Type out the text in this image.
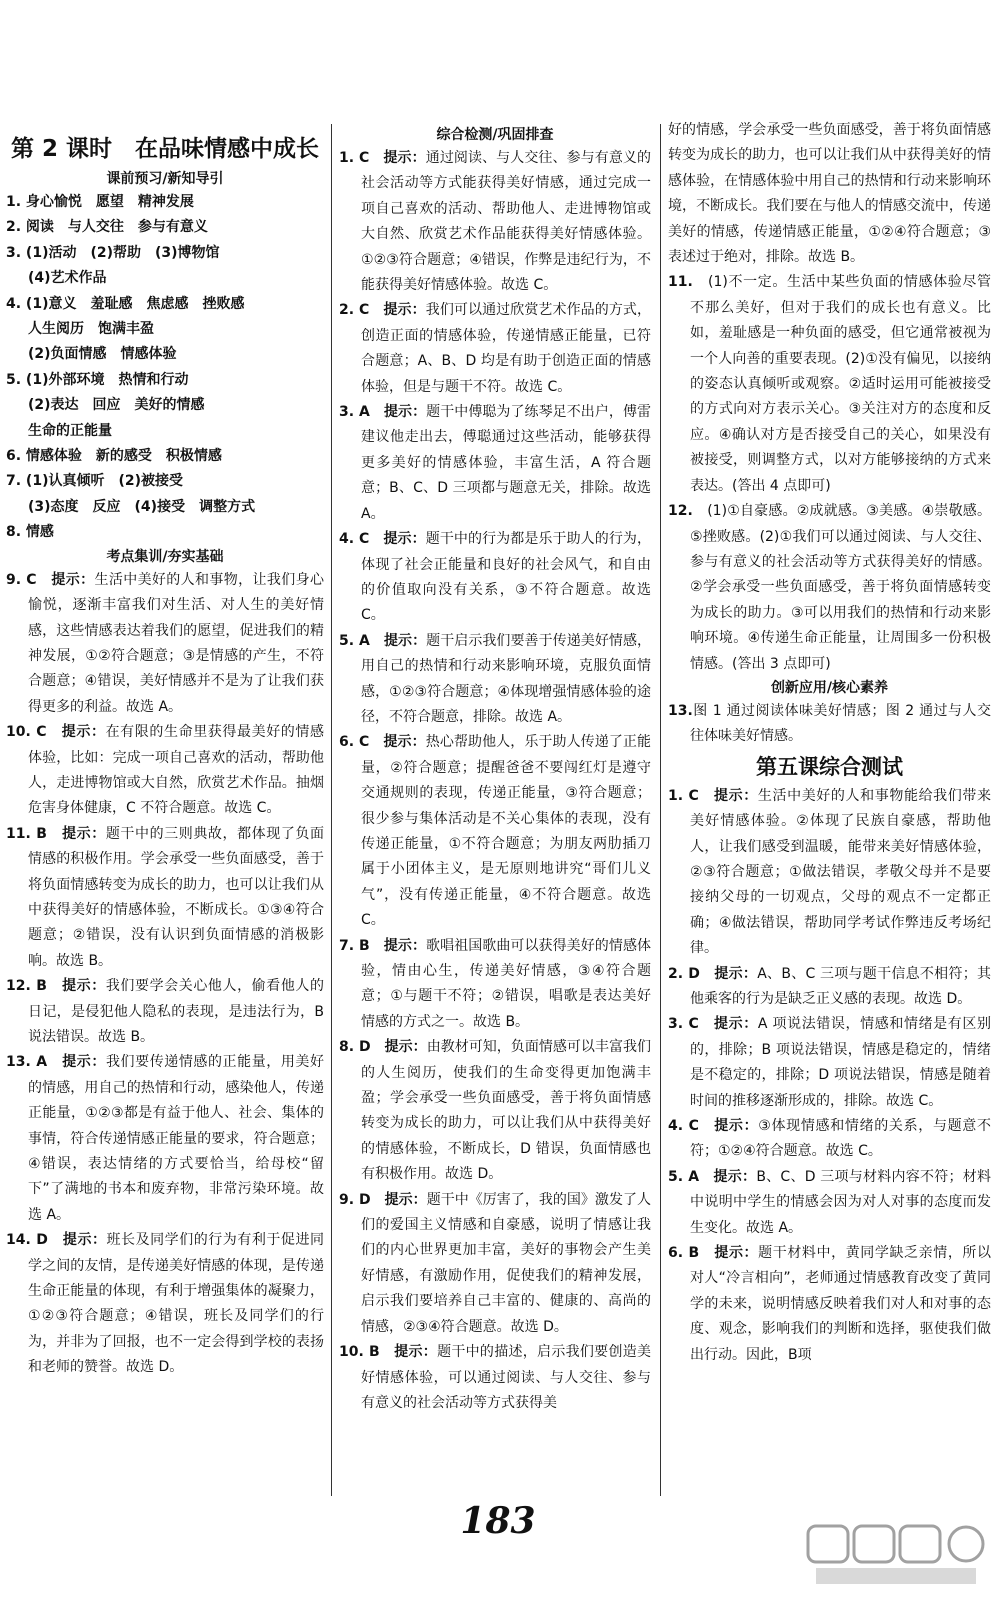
第 2 课时　在品味情感中成长
课前预习/新知导引

1. 身心愉悦　愿望　精神发展

2. 阅读　与人交往　参与有意义

3. (1)活动　(2)帮助　(3)博物馆

(4)艺术作品

4. (1)意义　羞耻感　焦虑感　挫败感

人生阅历　饱满丰盈

(2)负面情感　情感体验

5. (1)外部环境　热情和行动

(2)表达　回应　美好的情感

生命的正能量

6. 情感体验　新的感受　积极情感

7. (1)认真倾听　(2)被接受

(3)态度　反应　(4)接受　调整方式

8. 情感

考点集训/夯实基础

9. C　提示：生活中美好的人和事物，让我们身心愉悦，逐渐丰富我们对生活、对人生的美好情感，这些情感表达着我们的愿望，促进我们的精神发展，①②符合题意；③是情感的产生，不符合题意；④错误，美好情感并不是为了让我们获得更多的利益。故选 A。

10. C　提示：在有限的生命里获得最美好的情感体验，比如：完成一项自己喜欢的活动，帮助他人，走进博物馆或大自然，欣赏艺术作品。抽烟危害身体健康，C 不符合题意。故选 C。

11. B　提示：题干中的三则典故，都体现了负面情感的积极作用。学会承受一些负面感受，善于将负面情感转变为成长的助力，也可以让我们从中获得美好的情感体验，不断成长。①③④符合题意；②错误，没有认识到负面情感的消极影响。故选 B。

12. B　提示：我们要学会关心他人，偷看他人的日记，是侵犯他人隐私的表现，是违法行为，B 说法错误。故选 B。

13. A　提示：我们要传递情感的正能量，用美好的情感，用自己的热情和行动，感染他人，传递正能量，①②③都是有益于他人、社会、集体的事情，符合传递情感正能量的要求，符合题意；④错误，表达情绪的方式要恰当，给母校“留下”了满地的书本和废弃物，非常污染环境。故选 A。

14. D　提示：班长及同学们的行为有利于促进同学之间的友情，是传递美好情感的体现，是传递生命正能量的体现，有利于增强集体的凝聚力，①②③符合题意；④错误，班长及同学们的行为，并非为了回报，也不一定会得到学校的表扬和老师的赞誉。故选 D。

综合检测/巩固排查

1. C　提示：通过阅读、与人交往、参与有意义的社会活动等方式能获得美好情感，通过完成一项自己喜欢的活动、帮助他人、走进博物馆或大自然、欣赏艺术作品能获得美好情感体验。①②③符合题意；④错误，作弊是违纪行为，不能获得美好情感体验。故选 C。

2. C　提示：我们可以通过欣赏艺术作品的方式，创造正面的情感体验，传递情感正能量，已符合题意；A、B、D 均是有助于创造正面的情感体验，但是与题干不符。故选 C。

3. A　提示：题干中傅聪为了练琴足不出户，傅雷建议他走出去，傅聪通过这些活动，能够获得更多美好的情感体验，丰富生活，A 符合题意；B、C、D 三项都与题意无关，排除。故选 A。

4. C　提示：题干中的行为都是乐于助人的行为，体现了社会正能量和良好的社会风气，和自由的价值取向没有关系，③不符合题意。故选 C。

5. A　提示：题干启示我们要善于传递美好情感，用自己的热情和行动来影响环境，克服负面情感，①②③符合题意；④体现增强情感体验的途径，不符合题意，排除。故选 A。

6. C　提示：热心帮助他人，乐于助人传递了正能量，②符合题意；提醒爸爸不要闯红灯是遵守交通规则的表现，传递正能量，③符合题意；很少参与集体活动是不关心集体的表现，没有传递正能量，①不符合题意；为朋友两肋插刀属于小团体主义，是无原则地讲究“哥们儿义气”，没有传递正能量，④不符合题意。故选 C。

7. B　提示：歌唱祖国歌曲可以获得美好的情感体验，情由心生，传递美好情感，③④符合题意；①与题干不符；②错误，唱歌是表达美好情感的方式之一。故选 B。

8. D　提示：由教材可知，负面情感可以丰富我们的人生阅历，使我们的生命变得更加饱满丰盈；学会承受一些负面感受，善于将负面情感转变为成长的助力，可以让我们从中获得美好的情感体验，不断成长，D 错误，负面情感也有积极作用。故选 D。

9. D　提示：题干中《厉害了，我的国》激发了人们的爱国主义情感和自豪感，说明了情感让我们的内心世界更加丰富，美好的事物会产生美好情感，有激励作用，促使我们的精神发展，启示我们要培养自己丰富的、健康的、高尚的情感，②③④符合题意。故选 D。

10. B　提示：题干中的描述，启示我们要创造美好情感体验，可以通过阅读、与人交往、参与有意义的社会活动等方式获得美

好的情感，学会承受一些负面感受，善于将负面情感转变为成长的助力，也可以让我们从中获得美好的情感体验，在情感体验中用自己的热情和行动来影响环境，不断成长。我们要在与他人的情感交流中，传递美好的情感，传递情感正能量，①②④符合题意；③表述过于绝对，排除。故选 B。

11.　(1)不一定。生活中某些负面的情感体验尽管不那么美好，但对于我们的成长也有意义。比如，羞耻感是一种负面的感受，但它通常被视为一个人向善的重要表现。(2)①没有偏见，以接纳的姿态认真倾听或观察。②适时运用可能被接受的方式向对方表示关心。③关注对方的态度和反应。④确认对方是否接受自己的关心，如果没有被接受，则调整方式，以对方能够接纳的方式来表达。(答出 4 点即可)

12.　(1)①自豪感。②成就感。③美感。④崇敬感。⑤挫败感。(2)①我们可以通过阅读、与人交往、参与有意义的社会活动等方式获得美好的情感。②学会承受一些负面感受，善于将负面情感转变为成长的助力。③可以用我们的热情和行动来影响环境。④传递生命正能量，让周围多一份积极情感。(答出 3 点即可)

创新应用/核心素养

13.图 1 通过阅读体味美好情感；图 2 通过与人交往体味美好情感。

第五课综合测试

1. C　提示：生活中美好的人和事物能给我们带来美好情感体验。②体现了民族自豪感，帮助他人，让我们感受到温暖，能带来美好情感体验，②③符合题意；①做法错误，孝敬父母并不是要接纳父母的一切观点，父母的观点不一定都正确；④做法错误，帮助同学考试作弊违反考场纪律。

2. D　提示：A、B、C 三项与题干信息不相符；其他乘客的行为是缺乏正义感的表现。故选 D。

3. C　提示：A 项说法错误，情感和情绪是有区别的，排除；B 项说法错误，情感是稳定的，情绪是不稳定的，排除；D 项说法错误，情感是随着时间的推移逐渐形成的，排除。故选 C。

4. C　提示：③体现情感和情绪的关系，与题意不符；①②④符合题意。故选 C。

5. A　提示：B、C、D 三项与材料内容不符；材料中说明中学生的情感会因为对人对事的态度而发生变化。故选 A。

6. B　提示：题干材料中，黄同学缺乏亲情，所以对人“冷言相向”，老师通过情感教育改变了黄同学的未来，说明情感反映着我们对人和对事的态度、观念，影响我们的判断和选择，驱使我们做出行动。因此，B项

183
